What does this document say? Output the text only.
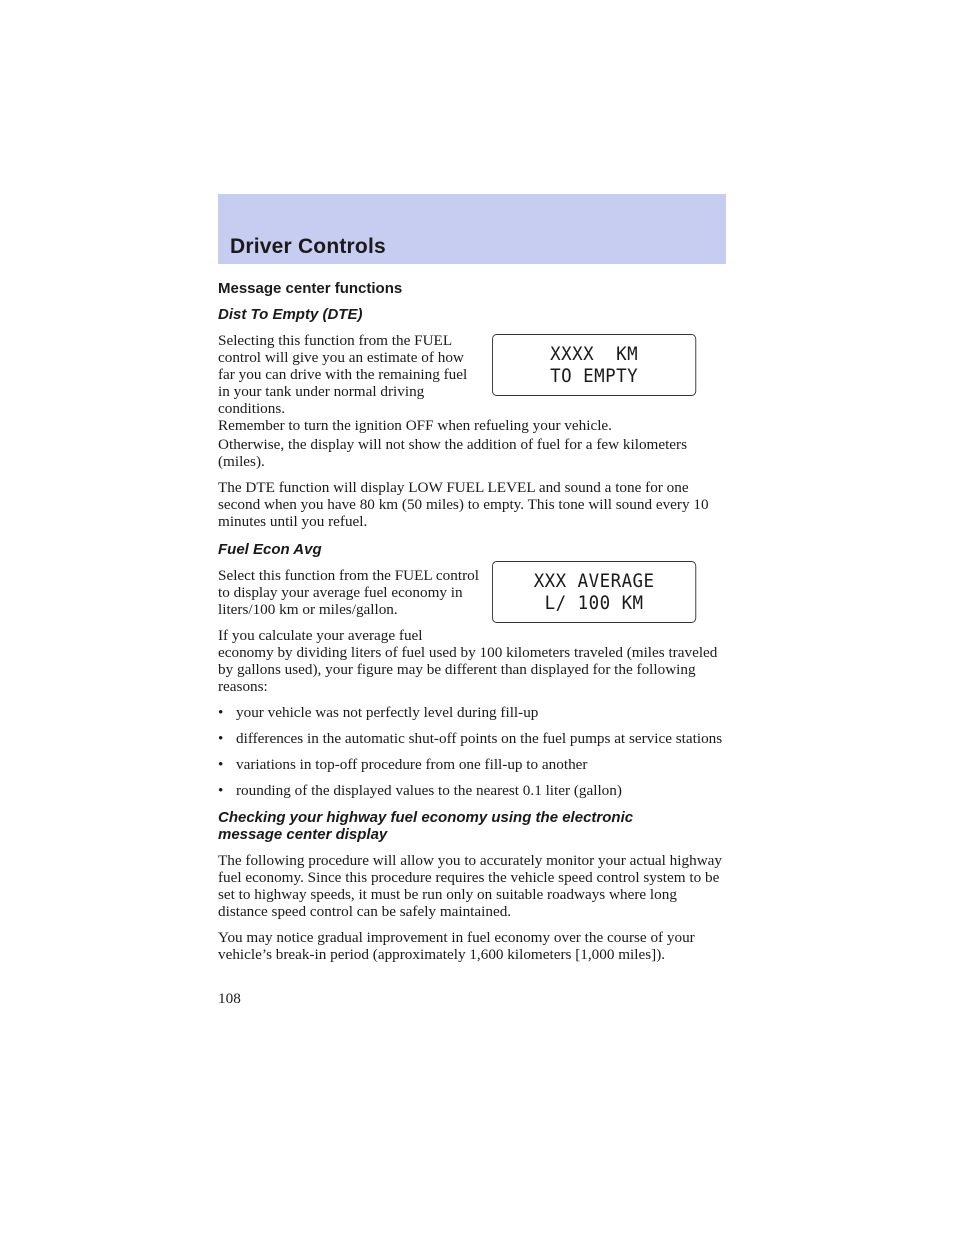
Driver Controls

Message center functions

Dist To Empty (DTE)

Selecting this function from the FUEL control will give you an estimate of how far you can drive with the remaining fuel in your tank under normal driving conditions.

Remember to turn the ignition OFF when refueling your vehicle.

Otherwise, the display will not show the addition of fuel for a few kilometers (miles).

The DTE function will display LOW FUEL LEVEL and sound a tone for one second when you have 80 km (50 miles) to empty. This tone will sound every 10 minutes until you refuel.

Fuel Econ Avg

Select this function from the FUEL control to display your average fuel economy in liters/100 km or miles/gallon.

If you calculate your average fuel

economy by dividing liters of fuel used by 100 kilometers traveled (miles traveled by gallons used), your figure may be different than displayed for the following reasons:

• your vehicle was not perfectly level during fill-up
• differences in the automatic shut-off points on the fuel pumps at service stations
• variations in top-off procedure from one fill-up to another
• rounding of the displayed values to the nearest 0.1 liter (gallon)

Checking your highway fuel economy using the electronic message center display

The following procedure will allow you to accurately monitor your actual highway fuel economy. Since this procedure requires the vehicle speed control system to be set to highway speeds, it must be run only on suitable roadways where long distance speed control can be safely maintained.

You may notice gradual improvement in fuel economy over the course of your vehicle’s break-in period (approximately 1,600 kilometers [1,000 miles]).

XXXX  KM
TO EMPTY
XXX AVERAGE
L/ 100 KM
108
